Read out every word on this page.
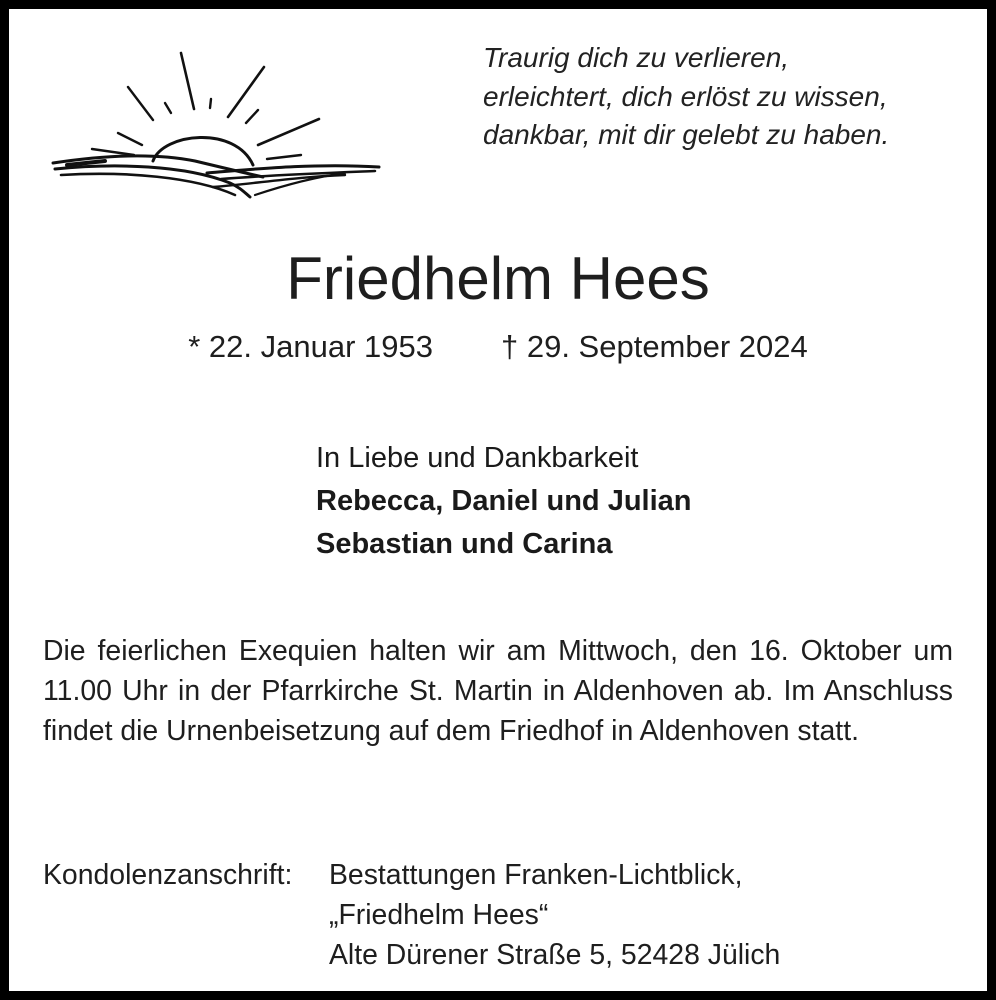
Traurig dich zu verlieren,
erleichtert, dich erlöst zu wissen,
dankbar, mit dir gelebt zu haben.
Friedhelm Hees
* 22. Januar 1953 † 29. September 2024
In Liebe und Dankbarkeit
Rebecca, Daniel und Julian
Sebastian und Carina
Die feierlichen Exequien halten wir am Mittwoch, den 16. Oktober um 11.00 Uhr in der Pfarrkirche St. Martin in Aldenhoven ab. Im Anschluss findet die Urnenbeisetzung auf dem Friedhof in Aldenhoven statt.
Kondolenzanschrift: Bestattungen Franken-Lichtblick,
„Friedhelm Hees“
Alte Dürener Straße 5, 52428 Jülich
